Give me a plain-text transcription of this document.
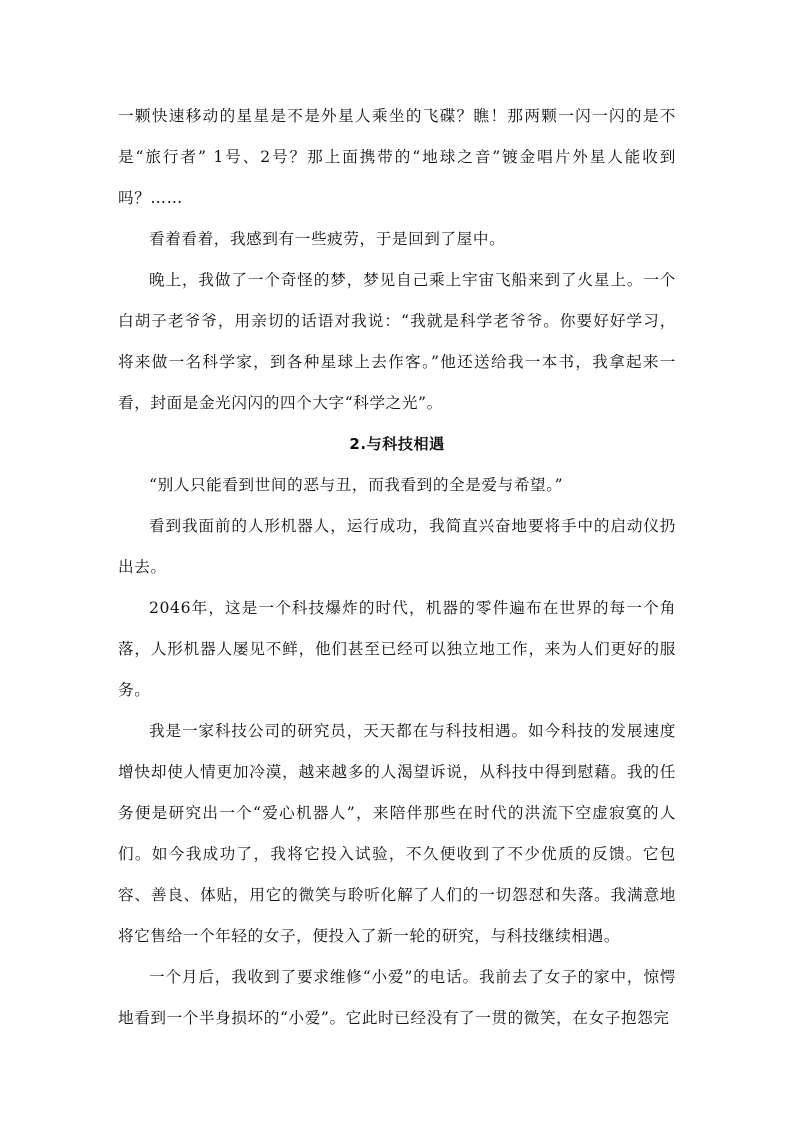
一颗快速移动的星星是不是外星人乘坐的飞碟？瞧！那两颗一闪一闪的是不是“旅行者” 1号、2号？那上面携带的“地球之音”镀金唱片外星人能收到吗？……

看着看着，我感到有一些疲劳，于是回到了屋中。

晚上，我做了一个奇怪的梦，梦见自己乘上宇宙飞船来到了火星上。一个白胡子老爷爷，用亲切的话语对我说：“我就是科学老爷爷。你要好好学习，将来做一名科学家，到各种星球上去作客。”他还送给我一本书，我拿起来一看，封面是金光闪闪的四个大字“科学之光”。

2.与科技相遇

“别人只能看到世间的恶与丑，而我看到的全是爱与希望。”

看到我面前的人形机器人，运行成功，我简直兴奋地要将手中的启动仪扔出去。

2046年，这是一个科技爆炸的时代，机器的零件遍布在世界的每一个角落，人形机器人屡见不鲜，他们甚至已经可以独立地工作，来为人们更好的服务。

我是一家科技公司的研究员，天天都在与科技相遇。如今科技的发展速度增快却使人情更加冷漠，越来越多的人渴望诉说，从科技中得到慰藉。我的任务便是研究出一个“爱心机器人”，来陪伴那些在时代的洪流下空虚寂寞的人们。如今我成功了，我将它投入试验，不久便收到了不少优质的反馈。它包容、善良、体贴，用它的微笑与聆听化解了人们的一切怨怼和失落。我满意地将它售给一个年轻的女子，便投入了新一轮的研究，与科技继续相遇。

一个月后，我收到了要求维修“小爱”的电话。我前去了女子的家中，惊愕地看到一个半身损坏的“小爱”。它此时已经没有了一贯的微笑，在女子抱怨完
